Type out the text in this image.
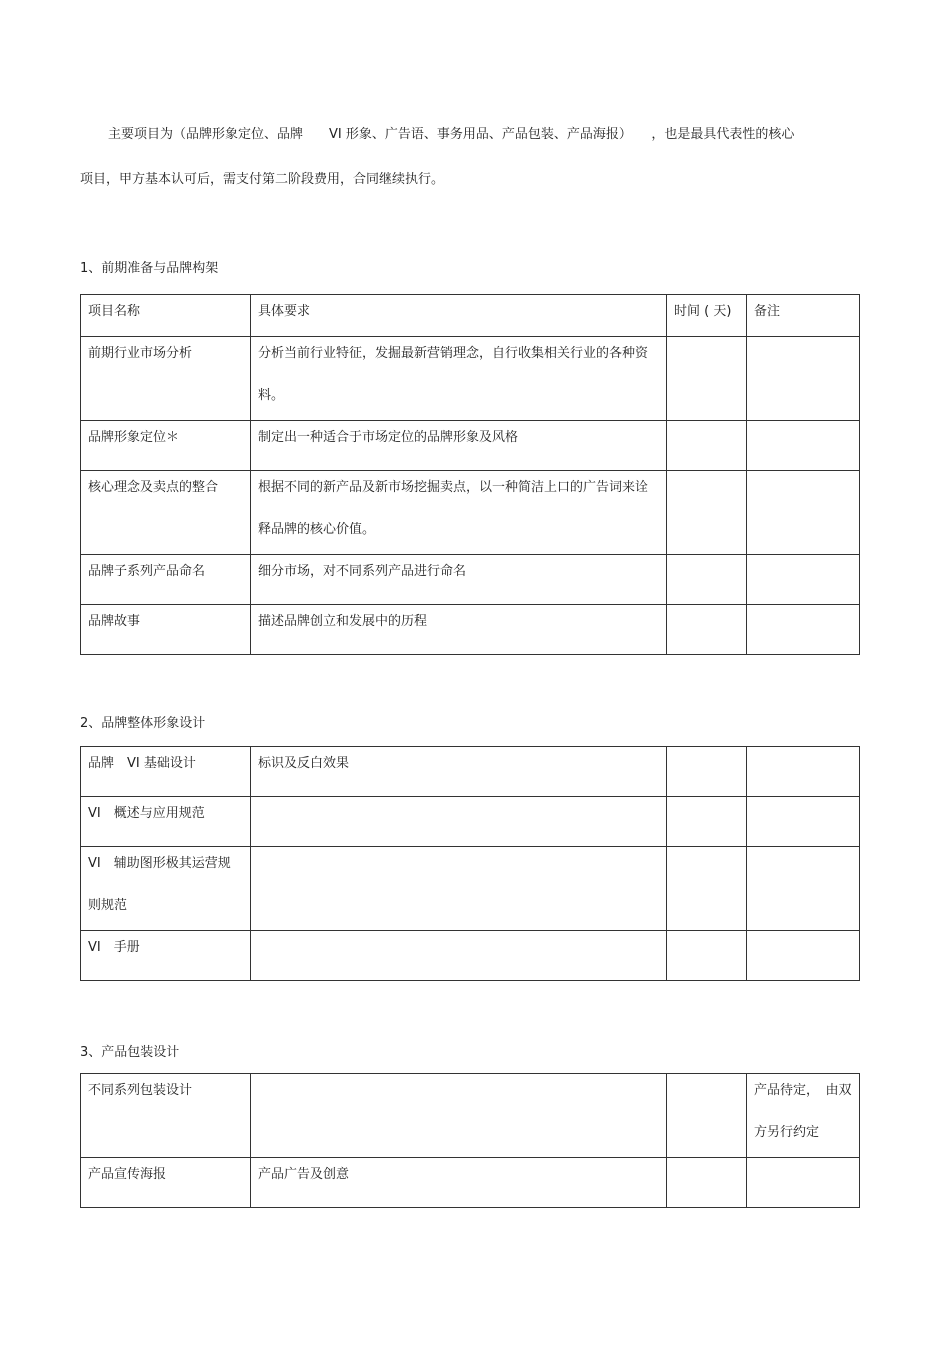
主要项目为（品牌形象定位、品牌　　VI 形象、广告语、事务用品、产品包装、产品海报）　　，也是最具代表性的核心
项目，甲方基本认可后，需支付第二阶段费用，合同继续执行。
1、前期准备与品牌构架
项目名称	具体要求	时间 ( 天)	备注

前期行业市场分析	分析当前行业特征，发掘最新营销理念，自行收集相关行业的各种资料。		

品牌形象定位＊	制定出一种适合于市场定位的品牌形象及风格		

核心理念及卖点的整合	根据不同的新产品及新市场挖掘卖点，以一种简洁上口的广告词来诠释品牌的核心价值。		

品牌子系列产品命名	细分市场，对不同系列产品进行命名		

品牌故事	描述品牌创立和发展中的历程		

2、品牌整体形象设计
品牌　VI 基础设计	标识及反白效果		

VI　概述与应用规范			

VI　辅助图形极其运营规则规范			

VI　手册			

3、产品包装设计
不同系列包装设计			产品待定，　由双方另行约定

产品宣传海报	产品广告及创意		
